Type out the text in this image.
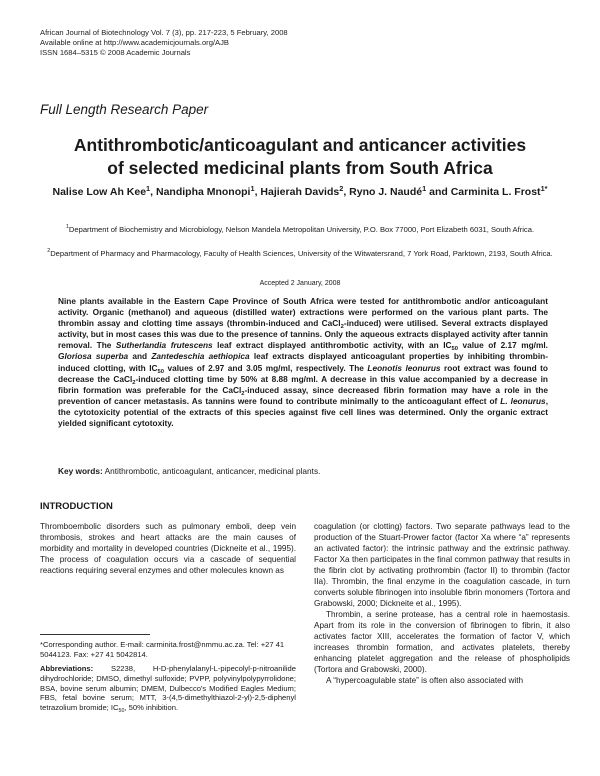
African Journal of Biotechnology Vol. 7 (3), pp. 217-223, 5 February, 2008
Available online at http://www.academicjournals.org/AJB
ISSN 1684–5315 © 2008 Academic Journals
Full Length Research Paper
Antithrombotic/anticoagulant and anticancer activities
of selected medicinal plants from South Africa
Nalise Low Ah Kee$^1$, Nandipha Mnonopi$^1$, Hajierah Davids$^2$, Ryno J. Naudé$^1$ and Carminita L. Frost$^{1*}$
$^1$Department of Biochemistry and Microbiology, Nelson Mandela Metropolitan University, P.O. Box 77000, Port Elizabeth 6031, South Africa.
$^2$Department of Pharmacy and Pharmacology, Faculty of Health Sciences, University of the Witwatersrand, 7 York Road, Parktown, 2193, South Africa.
Accepted 2 January, 2008
Nine plants available in the Eastern Cape Province of South Africa were tested for antithrombotic and/or anticoagulant activity. Organic (methanol) and aqueous (distilled water) extractions were performed on the various plant parts. The thrombin assay and clotting time assays (thrombin-induced and CaCl$_2$-induced) were utilised. Several extracts displayed activity, but in most cases this was due to the presence of tannins. Only the aqueous extracts displayed activity after tannin removal. The Sutherlandia frutescens leaf extract displayed antithrombotic activity, with an $IC_{50}$ value of 2.17 mg/ml. Gloriosa superba and Zantedeschia aethiopica leaf extracts displayed anticoagulant properties by inhibiting thrombin-induced clotting, with $IC_{50}$ values of 2.97 and 3.05 mg/ml, respectively. The Leonotis leonurus root extract was found to decrease the CaCl$_2$-induced clotting time by 50% at 8.88 mg/ml. A decrease in this value accompanied by a decrease in fibrin formation was preferable for the CaCl$_2$-induced assay, since decreased fibrin formation may have a role in the prevention of cancer metastasis. As tannins were found to contribute minimally to the anticoagulant effect of L. leonurus, the cytotoxicity potential of the extracts of this species against five cell lines was determined. Only the organic extract yielded significant cytotoxity.
Key words: Antithrombotic, anticoagulant, anticancer, medicinal plants.
INTRODUCTION

Thromboembolic disorders such as pulmonary emboli, deep vein thrombosis, strokes and heart attacks are the main causes of morbidity and mortality in developed countries (Dickneite et al., 1995). The process of coagulation occurs via a cascade of sequential reactions requiring several enzymes and other molecules known as

*Corresponding author. E-mail: carminita.frost@nmmu.ac.za. Tel: +27 41 5044123. Fax: +27 41 5042814.
Abbreviations: S2238, H-D-phenylalanyl-L-pipecolyl-p-nitroanilide dihydrochloride; DMSO, dimethyl sulfoxide; PVPP, polyvinylpolypyrrolidone; BSA, bovine serum albumin; DMEM, Dulbecco's Modified Eagles Medium; FBS, fetal bovine serum; MTT, 3-(4,5-dimethylthiazol-2-yl)-2,5-diphenyl tetrazolium bromide; $IC_{50}$, 50% inhibition.

coagulation (or clotting) factors. Two separate pathways lead to the production of the Stuart-Prower factor (factor Xa where “a” represents an activated factor): the intrinsic pathway and the extrinsic pathway. Factor Xa then participates in the final common pathway that results in the fibrin clot by activating prothrombin (factor II) to thrombin (factor IIa). Thrombin, the final enzyme in the coagulation cascade, in turn converts soluble fibrinogen into insoluble fibrin monomers (Tortora and Grabowski, 2000; Dickneite et al., 1995).

Thrombin, a serine protease, has a central role in haemostasis. Apart from its role in the conversion of fibrinogen to fibrin, it also activates factor XIII, accelerates the formation of factor V, which increases thrombin formation, and activates platelets, thereby enhancing platelet aggregation and the release of phospholipids (Tortora and Grabowski, 2000).

A “hypercoagulable state” is often also associated with
